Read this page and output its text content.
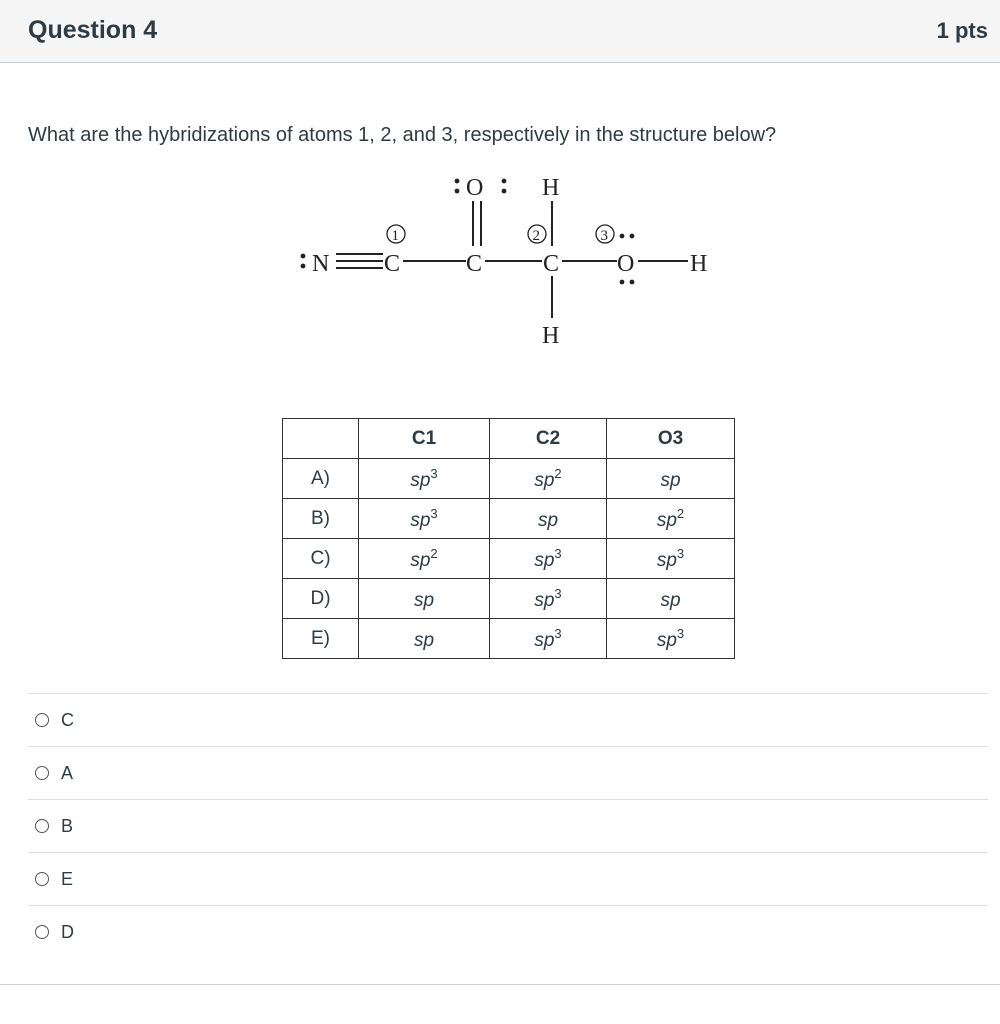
Question 4	1 pts
What are the hybridizations of atoms 1, 2, and 3, respectively in the structure below?
N C
1
C
O
C
2
H
H
O
3
H
	C1	C2	O3
A)	$sp^3$	$sp^2$	sp
B)	$sp^3$	sp	$sp^2$
C)	$sp^2$	$sp^3$	$sp^3$
D)	sp	$sp^3$	sp
E)	sp	$sp^3$	$sp^3$
C
A
B
E
D
